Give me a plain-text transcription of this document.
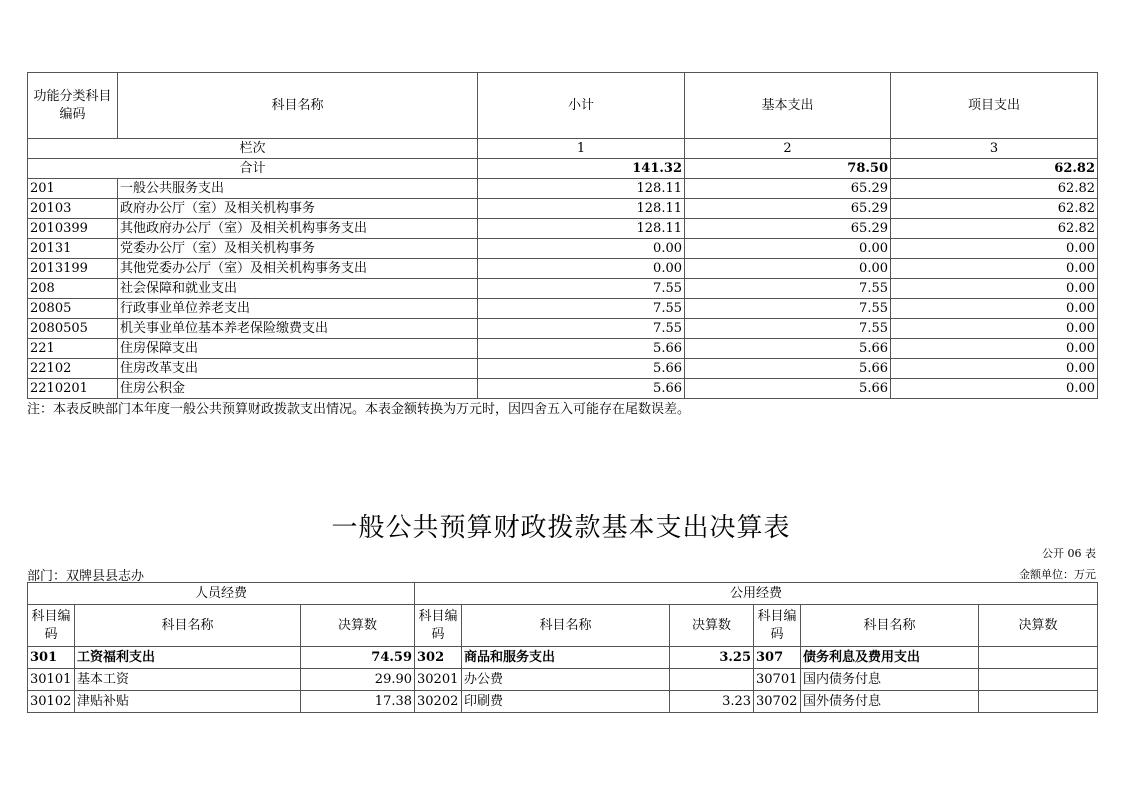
功能分类科目编码	科目名称	小计	基本支出	项目支出
栏次		1	2	3
合计		141.32	78.50	62.82
201	一般公共服务支出	128.11	65.29	62.82
20103	政府办公厅（室）及相关机构事务	128.11	65.29	62.82
2010399	其他政府办公厅（室）及相关机构事务支出	128.11	65.29	62.82
20131	党委办公厅（室）及相关机构事务	0.00	0.00	0.00
2013199	其他党委办公厅（室）及相关机构事务支出	0.00	0.00	0.00
208	社会保障和就业支出	7.55	7.55	0.00
20805	行政事业单位养老支出	7.55	7.55	0.00
2080505	机关事业单位基本养老保险缴费支出	7.55	7.55	0.00
221	住房保障支出	5.66	5.66	0.00
22102	住房改革支出	5.66	5.66	0.00
2210201	住房公积金	5.66	5.66	0.00
注：本表反映部门本年度一般公共预算财政拨款支出情况。本表金额转换为万元时，因四舍五入可能存在尾数误差。
一般公共预算财政拨款基本支出决算表
公开 06 表
部门：双牌县县志办	金额单位：万元
人员经费			公用经费					
科目编码	科目名称	决算数	科目编码	科目名称	决算数	科目编码	科目名称	决算数
301	工资福利支出	74.59	302	商品和服务支出	3.25	307	债务利息及费用支出	
30101	基本工资	29.90	30201	办公费		30701	国内债务付息	
30102	津贴补贴	17.38	30202	印刷费	3.23	30702	国外债务付息	
